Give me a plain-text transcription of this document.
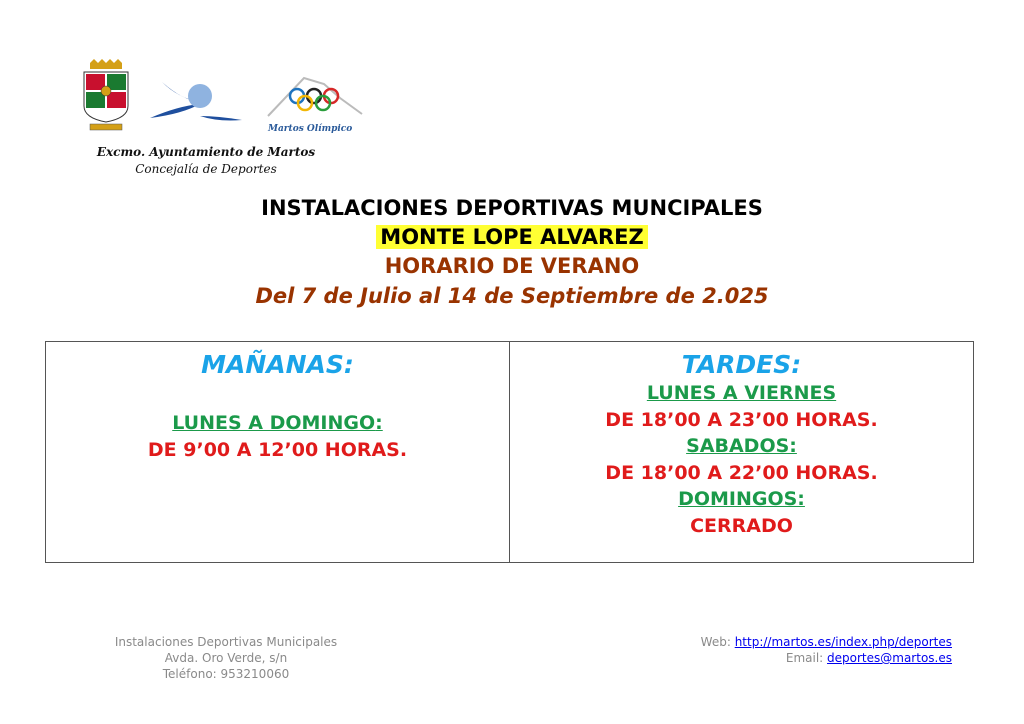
Martos Olímpico
Excmo. Ayuntamiento de Martos
Concejalía de Deportes
INSTALACIONES DEPORTIVAS MUNCIPALES
MONTE LOPE ALVAREZ
HORARIO DE VERANO
Del 7 de Julio al 14 de Septiembre de 2.025
MAÑANAS:
LUNES A DOMINGO:
DE 9’00 A 12’00 HORAS.
TARDES:
LUNES A VIERNES
DE 18’00 A 23’00 HORAS.
SABADOS:
DE 18’00 A 22’00 HORAS.
DOMINGOS:
CERRADO
Instalaciones Deportivas Municipales
Avda. Oro Verde, s/n
Teléfono: 953210060
Web: http://martos.es/index.php/deportes
Email: deportes@martos.es
